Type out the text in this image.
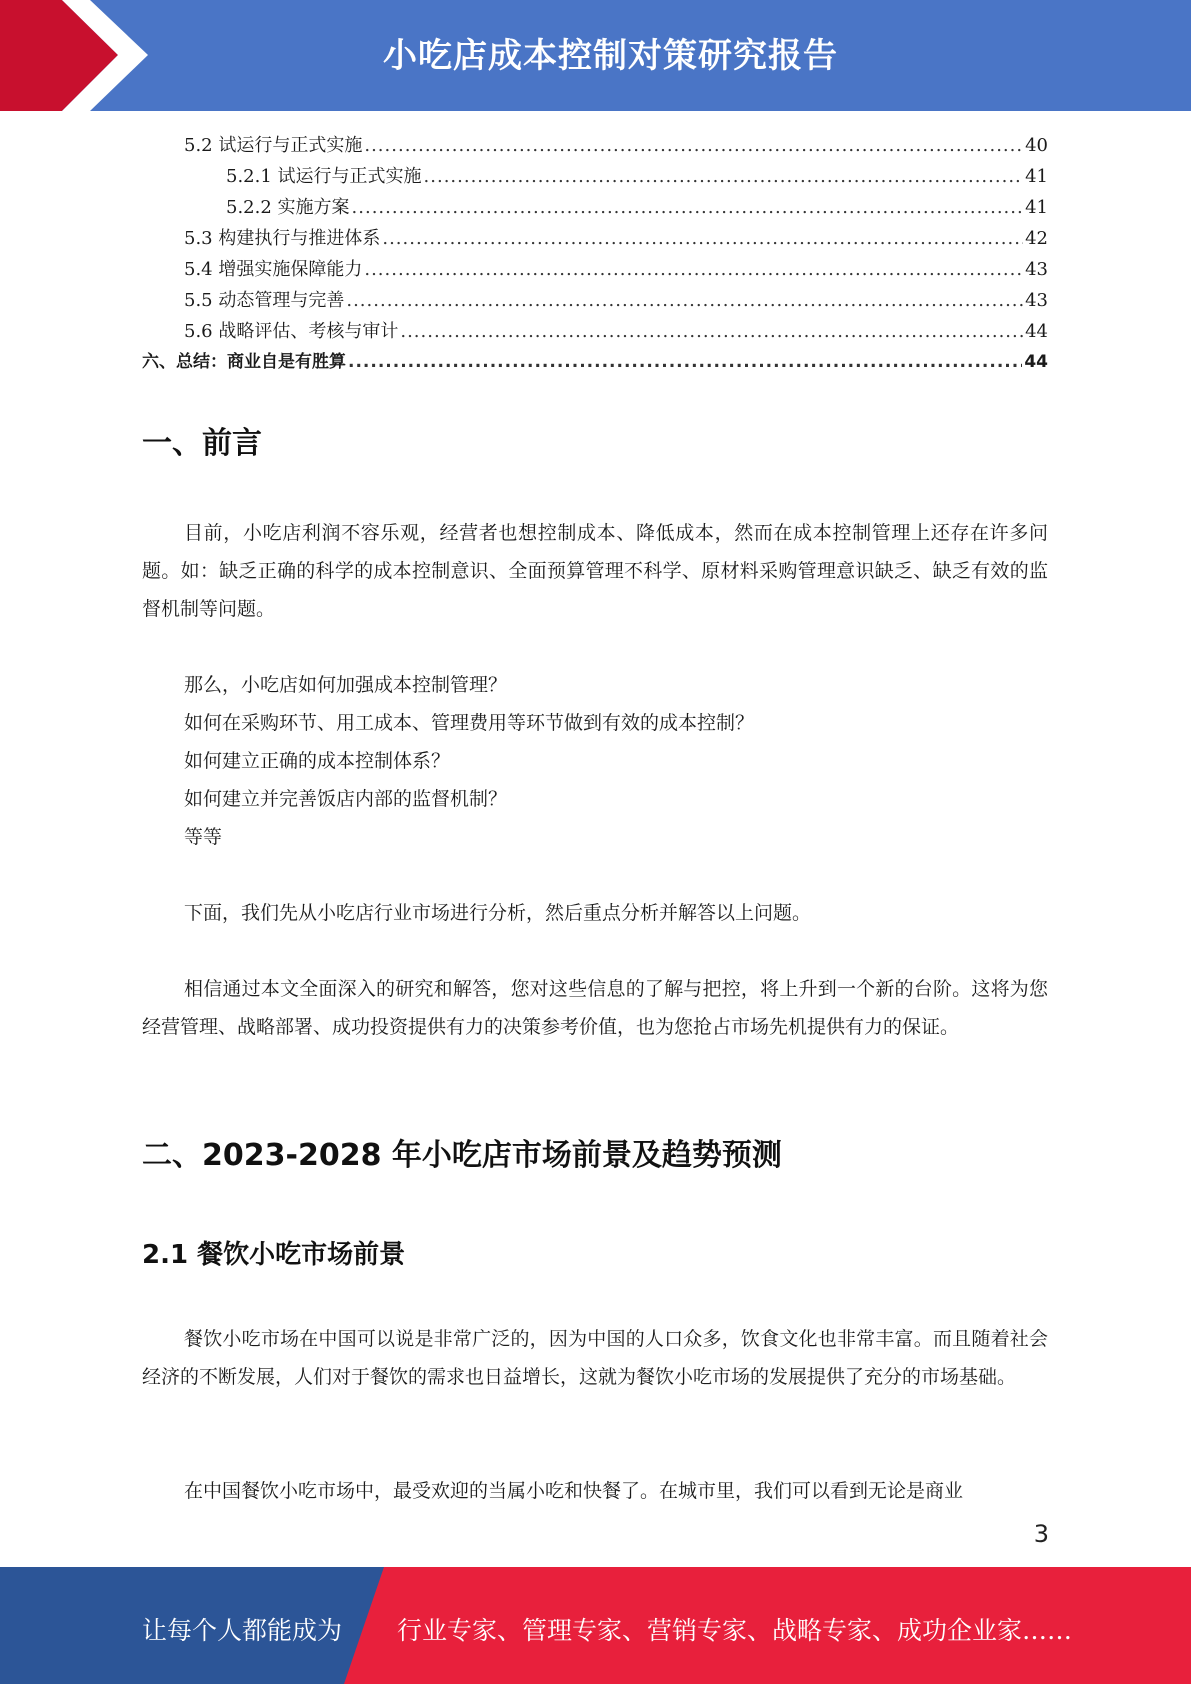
小吃店成本控制对策研究报告
5.2 试运行与正式实施 .....	40
5.2.1 试运行与正式实施 .....	41
5.2.2 实施方案 .....	41
5.3 构建执行与推进体系 .....	42
5.4 增强实施保障能力 .....	43
5.5 动态管理与完善 .....	43
5.6 战略评估、考核与审计 .....	44
六、总结：商业自是有胜算 .....	44
一、前言
目前，小吃店利润不容乐观，经营者也想控制成本、降低成本，然而在成本控制管理上还存在许多问题。如：缺乏正确的科学的成本控制意识、全面预算管理不科学、原材料采购管理意识缺乏、缺乏有效的监督机制等问题。
那么，小吃店如何加强成本控制管理？
如何在采购环节、用工成本、管理费用等环节做到有效的成本控制？
如何建立正确的成本控制体系？
如何建立并完善饭店内部的监督机制？
等等
下面，我们先从小吃店行业市场进行分析，然后重点分析并解答以上问题。
相信通过本文全面深入的研究和解答，您对这些信息的了解与把控，将上升到一个新的台阶。这将为您经营管理、战略部署、成功投资提供有力的决策参考价值，也为您抢占市场先机提供有力的保证。
二、2023-2028 年小吃店市场前景及趋势预测
2.1 餐饮小吃市场前景
餐饮小吃市场在中国可以说是非常广泛的，因为中国的人口众多，饮食文化也非常丰富。而且随着社会经济的不断发展，人们对于餐饮的需求也日益增长，这就为餐饮小吃市场的发展提供了充分的市场基础。
在中国餐饮小吃市场中，最受欢迎的当属小吃和快餐了。在城市里，我们可以看到无论是商业
3
让每个人都能成为 行业专家、管理专家、营销专家、战略专家、成功企业家……
